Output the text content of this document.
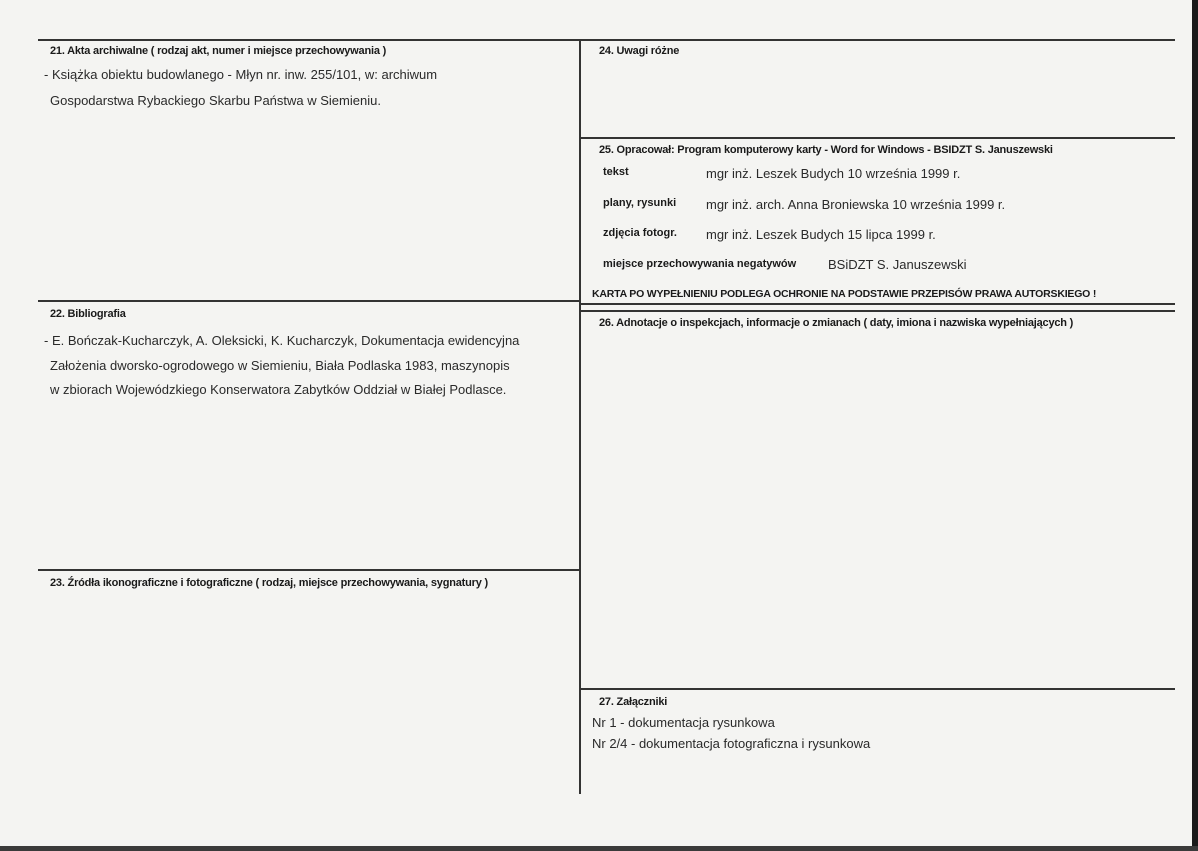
21. Akta archiwalne ( rodzaj akt, numer i miejsce przechowywania )
- Książka obiektu budowlanego - Młyn nr. inw. 255/101, w: archiwum
Gospodarstwa Rybackiego Skarbu Państwa w Siemieniu.
22. Bibliografia
- E. Bończak-Kucharczyk, A. Oleksicki, K. Kucharczyk, Dokumentacja ewidencyjna
Założenia dworsko-ogrodowego w Siemieniu, Biała Podlaska 1983, maszynopis
w zbiorach Wojewódzkiego Konserwatora Zabytków Oddział w Białej Podlasce.
23. Źródła ikonograficzne i fotograficzne ( rodzaj, miejsce przechowywania, sygnatury )
24. Uwagi różne
25. Opracował: Program komputerowy karty - Word for Windows - BSIDZT S. Januszewski
tekst	mgr inż. Leszek Budych 10 września 1999 r.
plany, rysunki mgr inż. arch. Anna Broniewska 10 września 1999 r.
zdjęcia fotogr. mgr inż. Leszek Budych 15 lipca 1999 r.
miejsce przechowywania negatywów BSiDZT S. Januszewski
KARTA PO WYPEŁNIENIU PODLEGA OCHRONIE NA PODSTAWIE PRZEPISÓW PRAWA AUTORSKIEGO !
26. Adnotacje o inspekcjach, informacje o zmianach ( daty, imiona i nazwiska wypełniających )
27. Załączniki
Nr 1 - dokumentacja rysunkowa
Nr 2/4 - dokumentacja fotograficzna i rysunkowa
